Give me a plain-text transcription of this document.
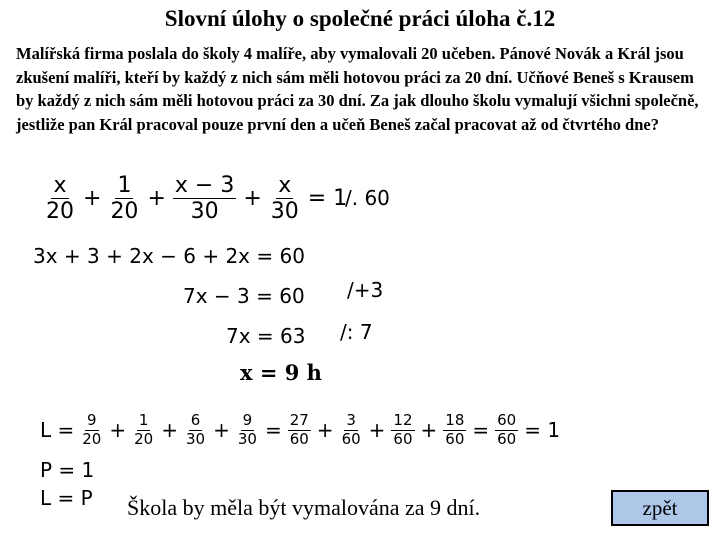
Slovní úlohy o společné práci úloha č.12
Malířská firma poslala do školy 4 malíře, aby vymalovali 20 učeben. Pánové Novák a Král jsou zkušení malíři, kteří by každý z nich sám měli hotovou práci za 20 dní. Učňové Beneš s Krausem by každý z nich sám měli hotovou práci za 30 dní. Za jak dlouho školu vymalují všichni společně, jestliže pan Král pracoval pouze první den a učeň Beneš začal pracovat až od čtvrtého dne?
$\frac{x}{20} + \frac{1}{20} + \frac{x - 3}{30} + \frac{x}{30} = 1$
/. 60
3x + 3 + 2x − 6 + 2x = 60
7x − 3 = 60 /+3
7x = 63 /: 7
x = 9 h
$L = \frac{9}{20} + \frac{1}{20} + \frac{6}{30} + \frac{9}{30} = \frac{27}{60} + \frac{3}{60} + \frac{12}{60} + \frac{18}{60} = \frac{60}{60} = 1$
P = 1
L = P Škola by měla být vymalována za 9 dní.	zpět
